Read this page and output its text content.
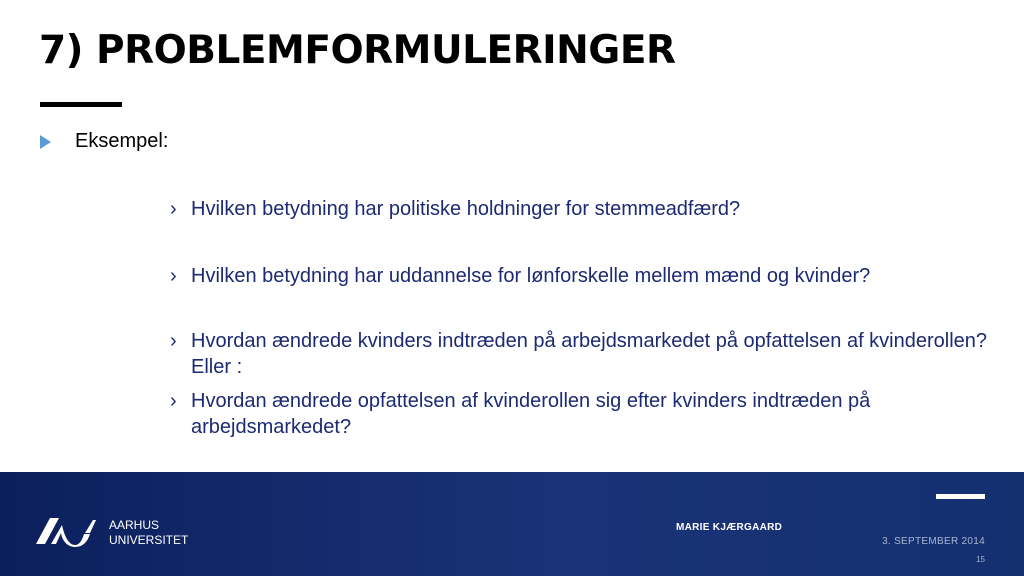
7) PROBLEMFORMULERINGER
Eksempel:
› Hvilken betydning har politiske holdninger for stemmeadfærd?
› Hvilken betydning har uddannelse for lønforskelle mellem mænd og kvinder?
› Hvordan ændrede kvinders indtræden på arbejdsmarkedet på opfattelsen af kvinderollen? Eller :
› Hvordan ændrede opfattelsen af kvinderollen sig efter kvinders indtræden på arbejdsmarkedet?
AARHUS
UNIVERSITET
MARIE KJÆRGAARD
3. SEPTEMBER 2014
15
